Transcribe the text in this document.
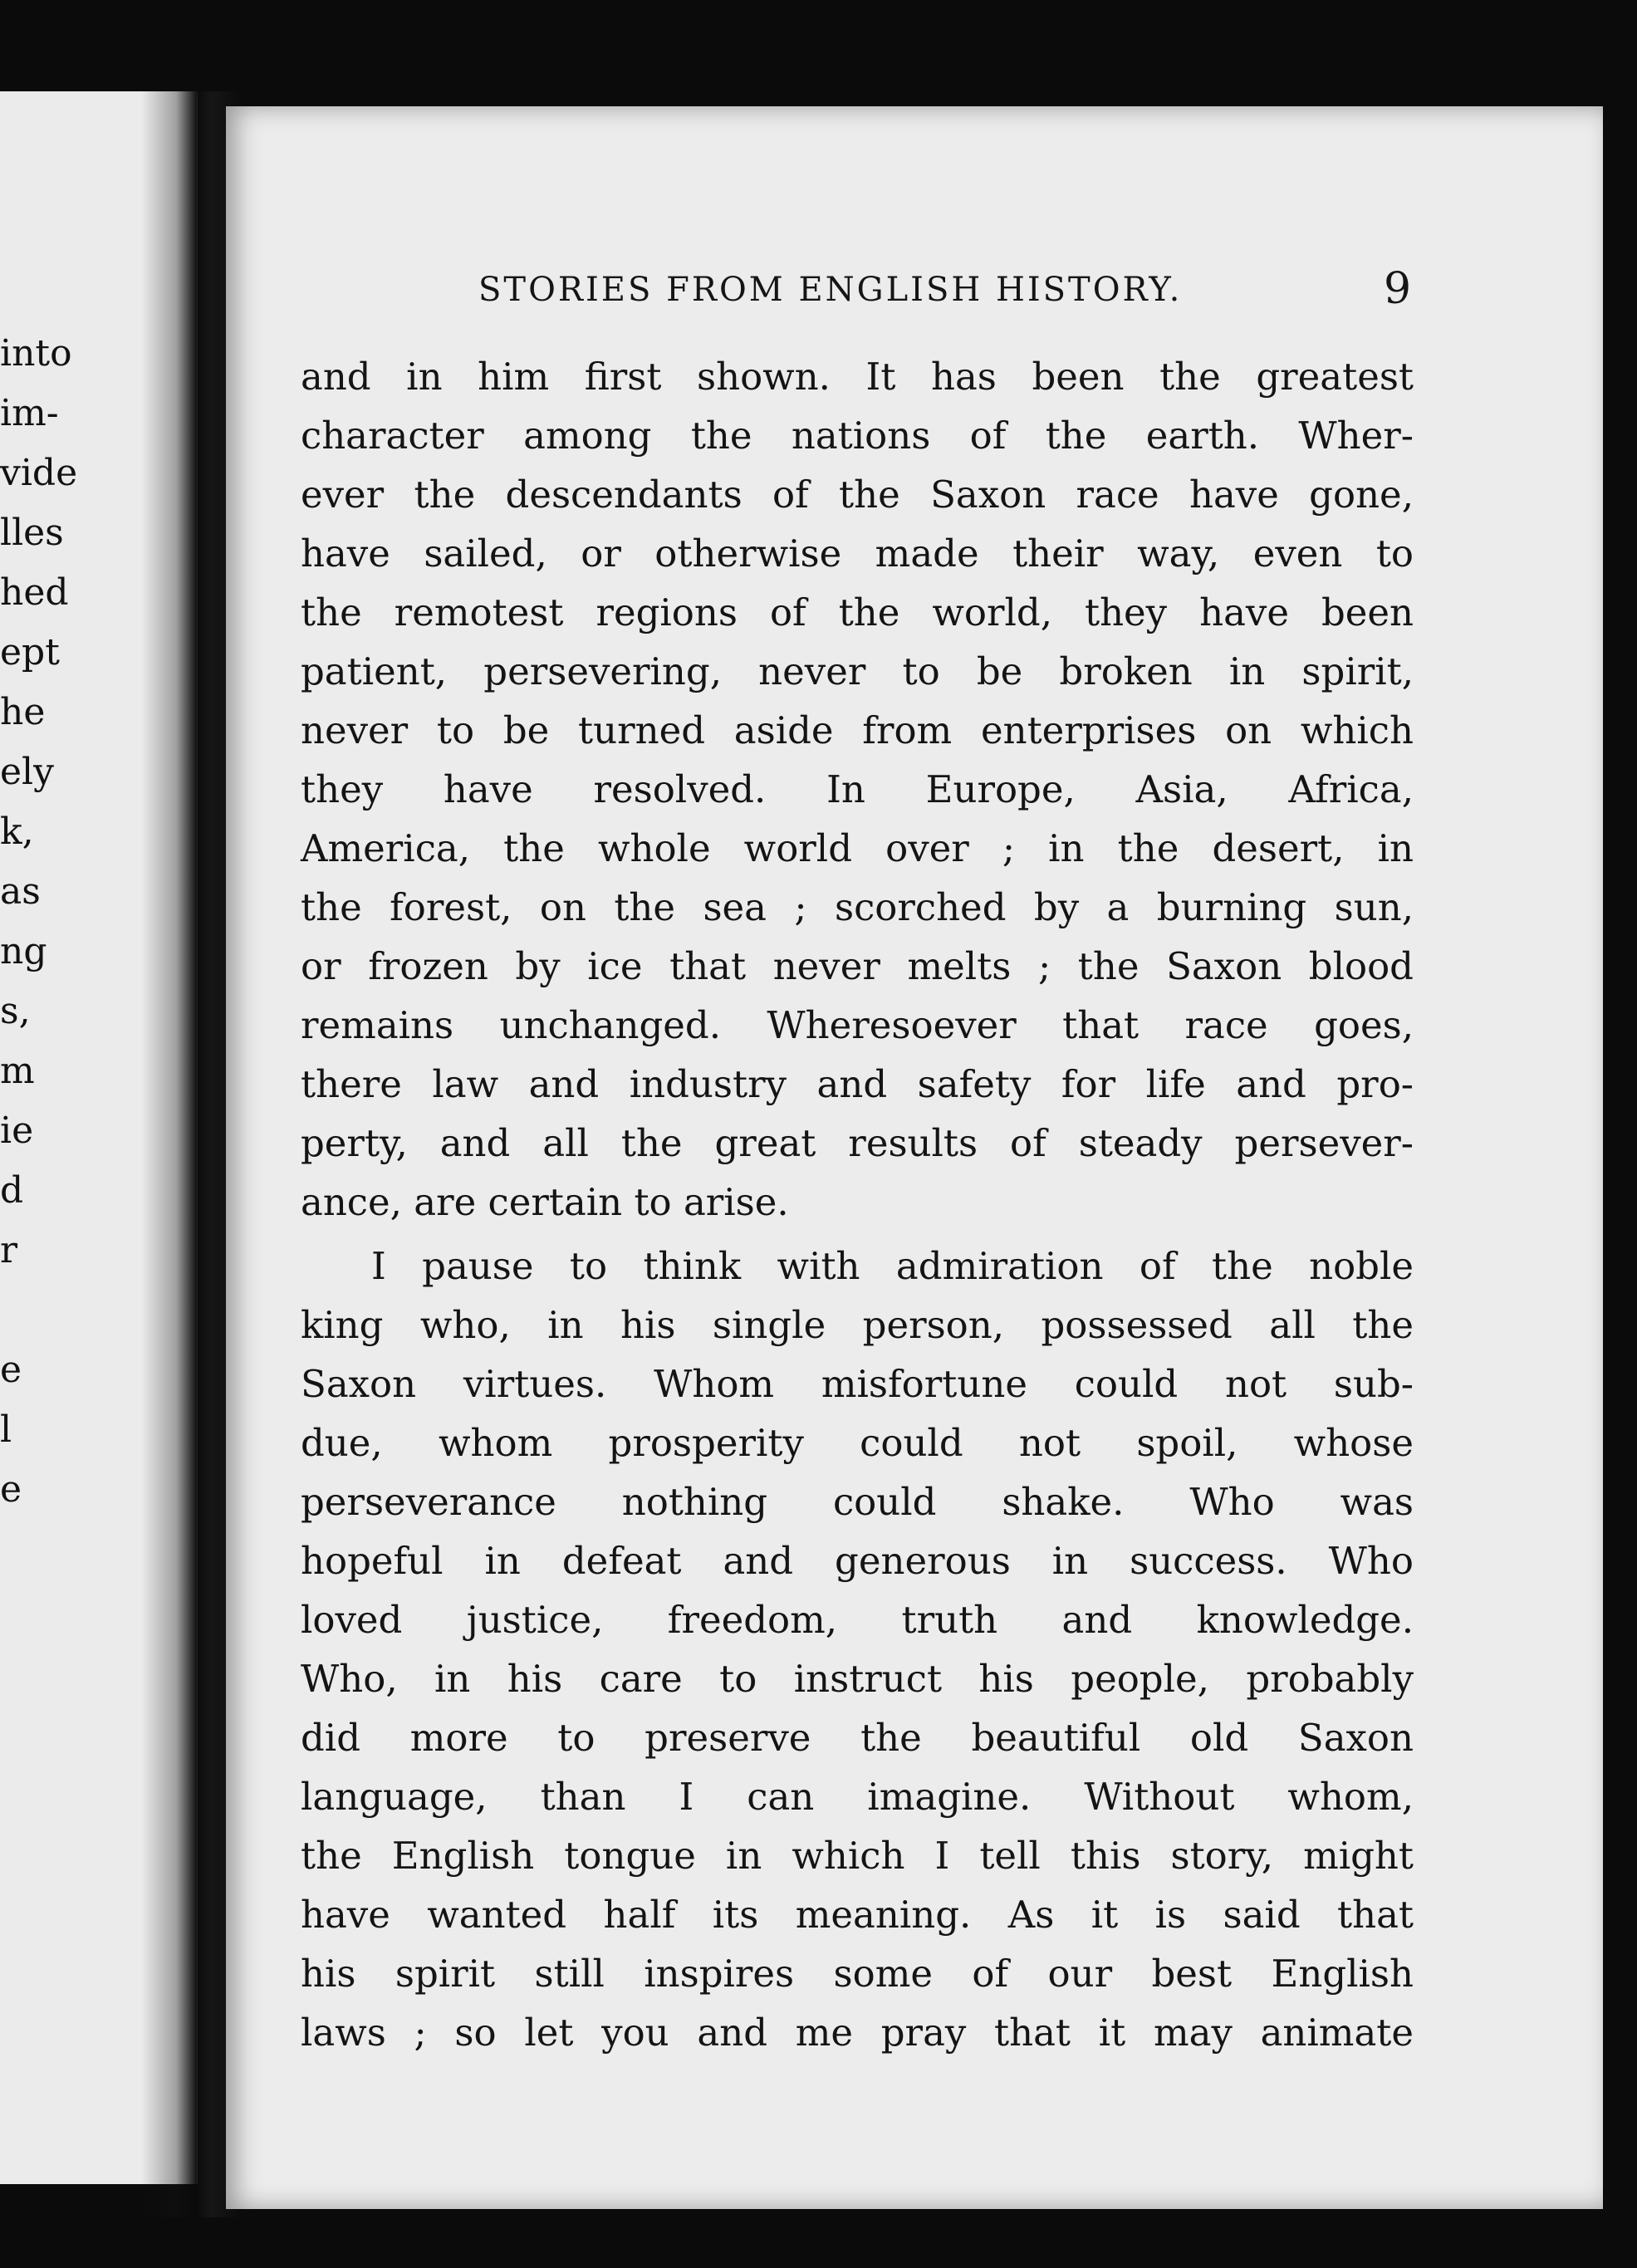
into
im-
vide
lles
hed
ept
he
ely
k,
as
ng
s,
m
ie
d
r
e
l
e
STORIES FROM ENGLISH HISTORY.	9
and in him first shown. It has been the greatest
character among the nations of the earth. Wher-
ever the descendants of the Saxon race have gone,
have sailed, or otherwise made their way, even to
the remotest regions of the world, they have been
patient, persevering, never to be broken in spirit,
never to be turned aside from enterprises on which
they have resolved. In Europe, Asia, Africa,
America, the whole world over ; in the desert, in
the forest, on the sea ; scorched by a burning sun,
or frozen by ice that never melts ; the Saxon blood
remains unchanged. Wheresoever that race goes,
there law and industry and safety for life and pro-
perty, and all the great results of steady persever-
ance, are certain to arise.
I pause to think with admiration of the noble
king who, in his single person, possessed all the
Saxon virtues. Whom misfortune could not sub-
due, whom prosperity could not spoil, whose
perseverance nothing could shake. Who was
hopeful in defeat and generous in success. Who
loved justice, freedom, truth and knowledge.
Who, in his care to instruct his people, probably
did more to preserve the beautiful old Saxon
language, than I can imagine. Without whom,
the English tongue in which I tell this story, might
have wanted half its meaning. As it is said that
his spirit still inspires some of our best English
laws ; so let you and me pray that it may animate
